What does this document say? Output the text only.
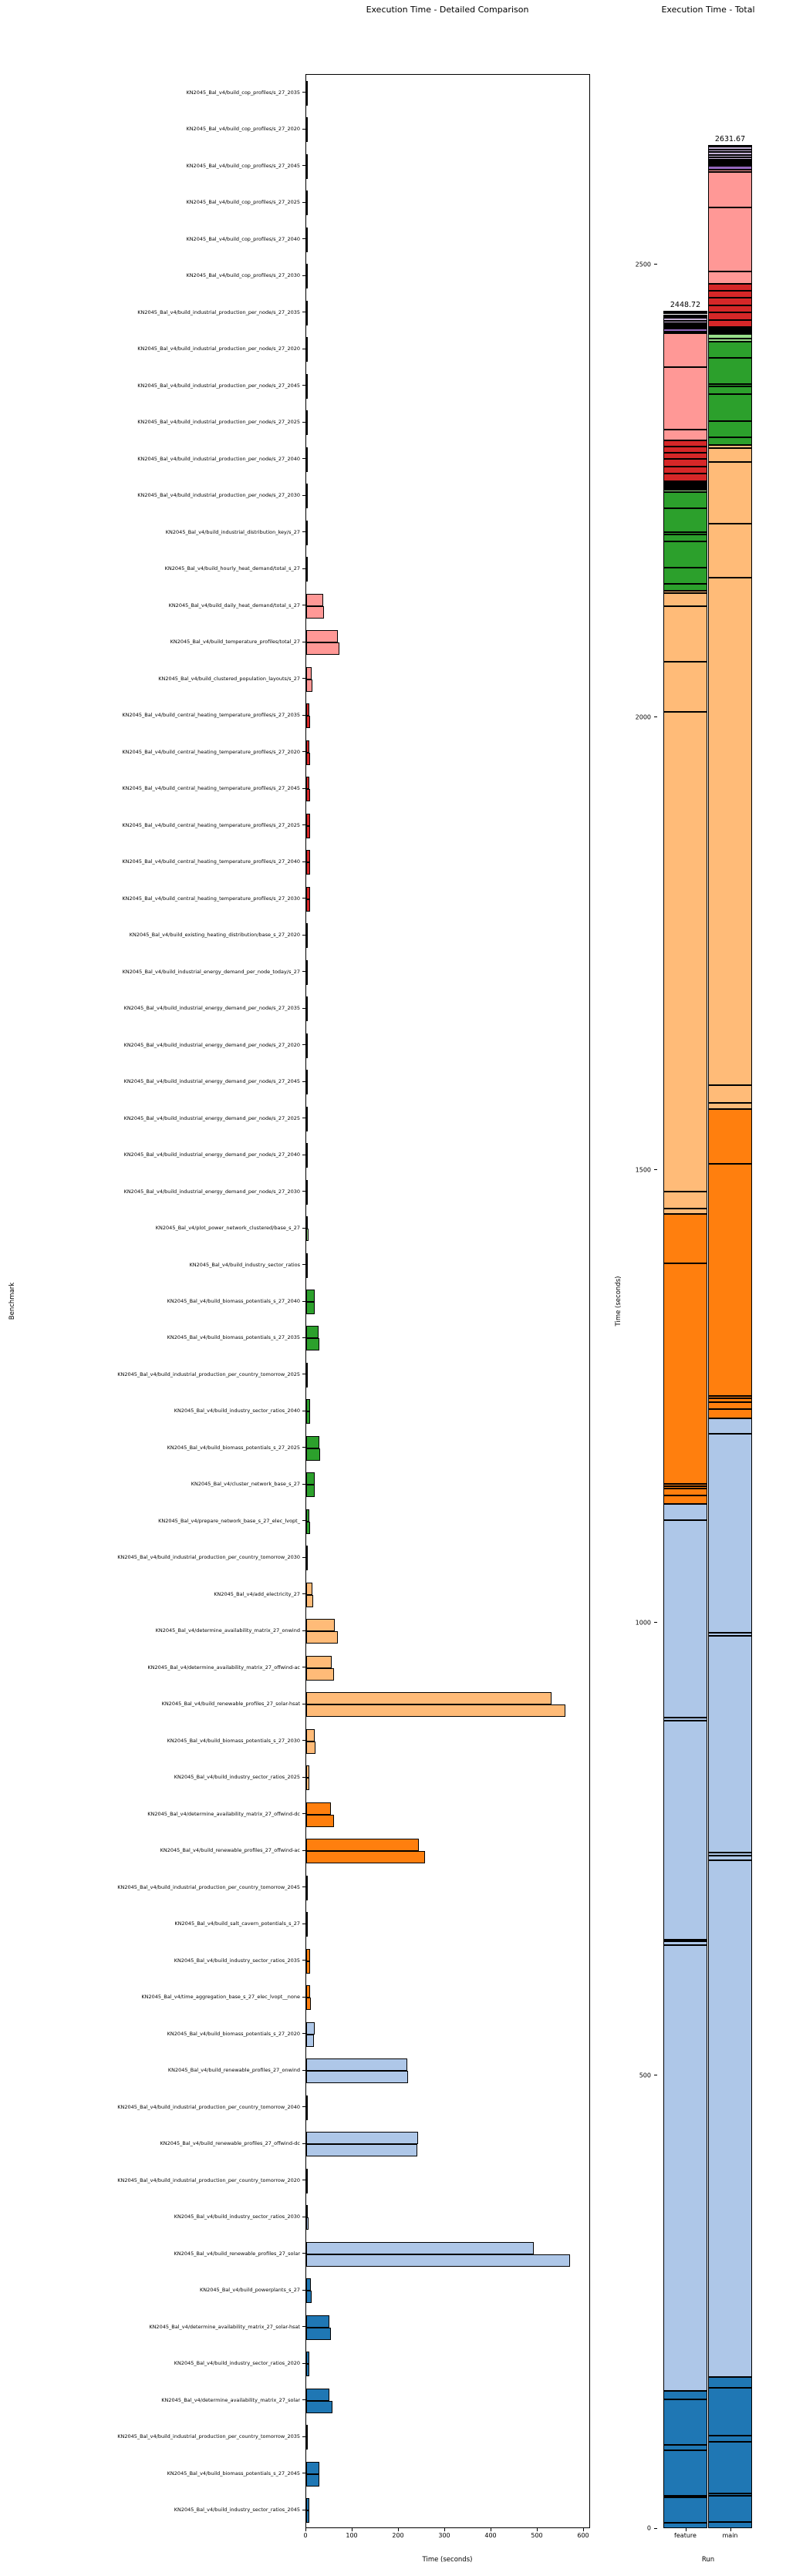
Execution Time - Detailed Comparison
Benchmark
KN2045_Bal_v4/build_cop_profiles/s_27_2035
KN2045_Bal_v4/build_cop_profiles/s_27_2020
KN2045_Bal_v4/build_cop_profiles/s_27_2045
KN2045_Bal_v4/build_cop_profiles/s_27_2025
KN2045_Bal_v4/build_cop_profiles/s_27_2040
KN2045_Bal_v4/build_cop_profiles/s_27_2030
KN2045_Bal_v4/build_industrial_production_per_node/s_27_2035
KN2045_Bal_v4/build_industrial_production_per_node/s_27_2020
KN2045_Bal_v4/build_industrial_production_per_node/s_27_2045
KN2045_Bal_v4/build_industrial_production_per_node/s_27_2025
KN2045_Bal_v4/build_industrial_production_per_node/s_27_2040
KN2045_Bal_v4/build_industrial_production_per_node/s_27_2030
KN2045_Bal_v4/build_industrial_distribution_key/s_27
KN2045_Bal_v4/build_hourly_heat_demand/total_s_27
KN2045_Bal_v4/build_daily_heat_demand/total_s_27
KN2045_Bal_v4/build_temperature_profiles/total_27
KN2045_Bal_v4/build_clustered_population_layouts/s_27
KN2045_Bal_v4/build_central_heating_temperature_profiles/s_27_2035
KN2045_Bal_v4/build_central_heating_temperature_profiles/s_27_2020
KN2045_Bal_v4/build_central_heating_temperature_profiles/s_27_2045
KN2045_Bal_v4/build_central_heating_temperature_profiles/s_27_2025
KN2045_Bal_v4/build_central_heating_temperature_profiles/s_27_2040
KN2045_Bal_v4/build_central_heating_temperature_profiles/s_27_2030
KN2045_Bal_v4/build_existing_heating_distribution/base_s_27_2020
KN2045_Bal_v4/build_industrial_energy_demand_per_node_today/s_27
KN2045_Bal_v4/build_industrial_energy_demand_per_node/s_27_2035
KN2045_Bal_v4/build_industrial_energy_demand_per_node/s_27_2020
KN2045_Bal_v4/build_industrial_energy_demand_per_node/s_27_2045
KN2045_Bal_v4/build_industrial_energy_demand_per_node/s_27_2025
KN2045_Bal_v4/build_industrial_energy_demand_per_node/s_27_2040
KN2045_Bal_v4/build_industrial_energy_demand_per_node/s_27_2030
KN2045_Bal_v4/plot_power_network_clustered/base_s_27
KN2045_Bal_v4/build_industry_sector_ratios
KN2045_Bal_v4/build_biomass_potentials_s_27_2040
KN2045_Bal_v4/build_biomass_potentials_s_27_2035
KN2045_Bal_v4/build_industrial_production_per_country_tomorrow_2025
KN2045_Bal_v4/build_industry_sector_ratios_2040
KN2045_Bal_v4/build_biomass_potentials_s_27_2025
KN2045_Bal_v4/cluster_network_base_s_27
KN2045_Bal_v4/prepare_network_base_s_27_elec_lvopt_
KN2045_Bal_v4/build_industrial_production_per_country_tomorrow_2030
KN2045_Bal_v4/add_electricity_27
KN2045_Bal_v4/determine_availability_matrix_27_onwind
KN2045_Bal_v4/determine_availability_matrix_27_offwind-ac
KN2045_Bal_v4/build_renewable_profiles_27_solar-hsat
KN2045_Bal_v4/build_biomass_potentials_s_27_2030
KN2045_Bal_v4/build_industry_sector_ratios_2025
KN2045_Bal_v4/determine_availability_matrix_27_offwind-dc
KN2045_Bal_v4/build_renewable_profiles_27_offwind-ac
KN2045_Bal_v4/build_industrial_production_per_country_tomorrow_2045
KN2045_Bal_v4/build_salt_cavern_potentials_s_27
KN2045_Bal_v4/build_industry_sector_ratios_2035
KN2045_Bal_v4/time_aggregation_base_s_27_elec_lvopt__none
KN2045_Bal_v4/build_biomass_potentials_s_27_2020
KN2045_Bal_v4/build_renewable_profiles_27_onwind
KN2045_Bal_v4/build_industrial_production_per_country_tomorrow_2040
KN2045_Bal_v4/build_renewable_profiles_27_offwind-dc
KN2045_Bal_v4/build_industrial_production_per_country_tomorrow_2020
KN2045_Bal_v4/build_industry_sector_ratios_2030
KN2045_Bal_v4/build_renewable_profiles_27_solar
KN2045_Bal_v4/build_powerplants_s_27
KN2045_Bal_v4/determine_availability_matrix_27_solar-hsat
KN2045_Bal_v4/build_industry_sector_ratios_2020
KN2045_Bal_v4/determine_availability_matrix_27_solar
KN2045_Bal_v4/build_industrial_production_per_country_tomorrow_2035
KN2045_Bal_v4/build_biomass_potentials_s_27_2045
KN2045_Bal_v4/build_industry_sector_ratios_2045
0	100	200	300	400	500	600
Time (seconds)
Execution Time - Total
Time (seconds)
2448.72
feature
2631.67
main
0
500
1000
1500
2000
2500
Run
